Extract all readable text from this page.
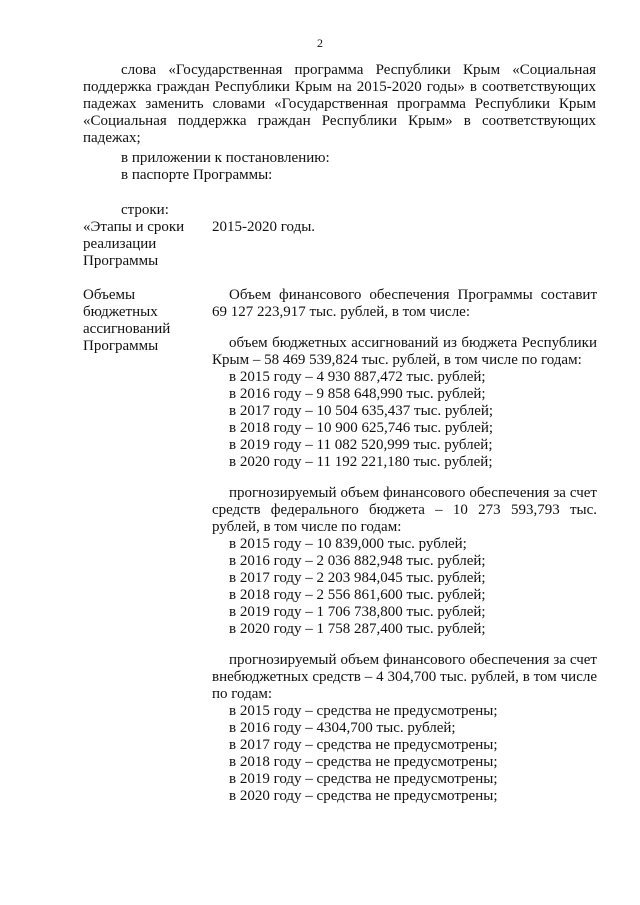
2

слова «Государственная программа Республики Крым «Социальная поддержка граждан Республики Крым на 2015-2020 годы» в соответствующих падежах заменить словами «Государственная программа Республики Крым «Социальная поддержка граждан Республики Крым» в соответствующих падежах;

в приложении к постановлению:

в паспорте Программы:

строки:

«Этапы и сроки реализации Программы

2015-2020 годы.

Объемы бюджетных ассигнований Программы

Объем финансового обеспечения Программы составит 69 127 223,917 тыс. рублей, в том числе:

объем бюджетных ассигнований из бюджета Республики Крым – 58 469 539,824 тыс. рублей, в том числе по годам:

в 2015 году – 4 930 887,472 тыс. рублей;
в 2016 году – 9 858 648,990 тыс. рублей;
в 2017 году – 10 504 635,437 тыс. рублей;
в 2018 году – 10 900 625,746 тыс. рублей;
в 2019 году – 11 082 520,999 тыс. рублей;
в 2020 году – 11 192 221,180 тыс. рублей;

прогнозируемый объем финансового обеспечения за счет средств федерального бюджета – 10 273 593,793 тыс. рублей, в том числе по годам:

в 2015 году – 10 839,000 тыс. рублей;
в 2016 году – 2 036 882,948 тыс. рублей;
в 2017 году – 2 203 984,045 тыс. рублей;
в 2018 году – 2 556 861,600 тыс. рублей;
в 2019 году – 1 706 738,800 тыс. рублей;
в 2020 году – 1 758 287,400 тыс. рублей;

прогнозируемый объем финансового обеспечения за счет внебюджетных средств – 4 304,700 тыс. рублей, в том числе по годам:

в 2015 году – средства не предусмотрены;
в 2016 году – 4304,700 тыс. рублей;
в 2017 году – средства не предусмотрены;
в 2018 году – средства не предусмотрены;
в 2019 году – средства не предусмотрены;
в 2020 году – средства не предусмотрены;
